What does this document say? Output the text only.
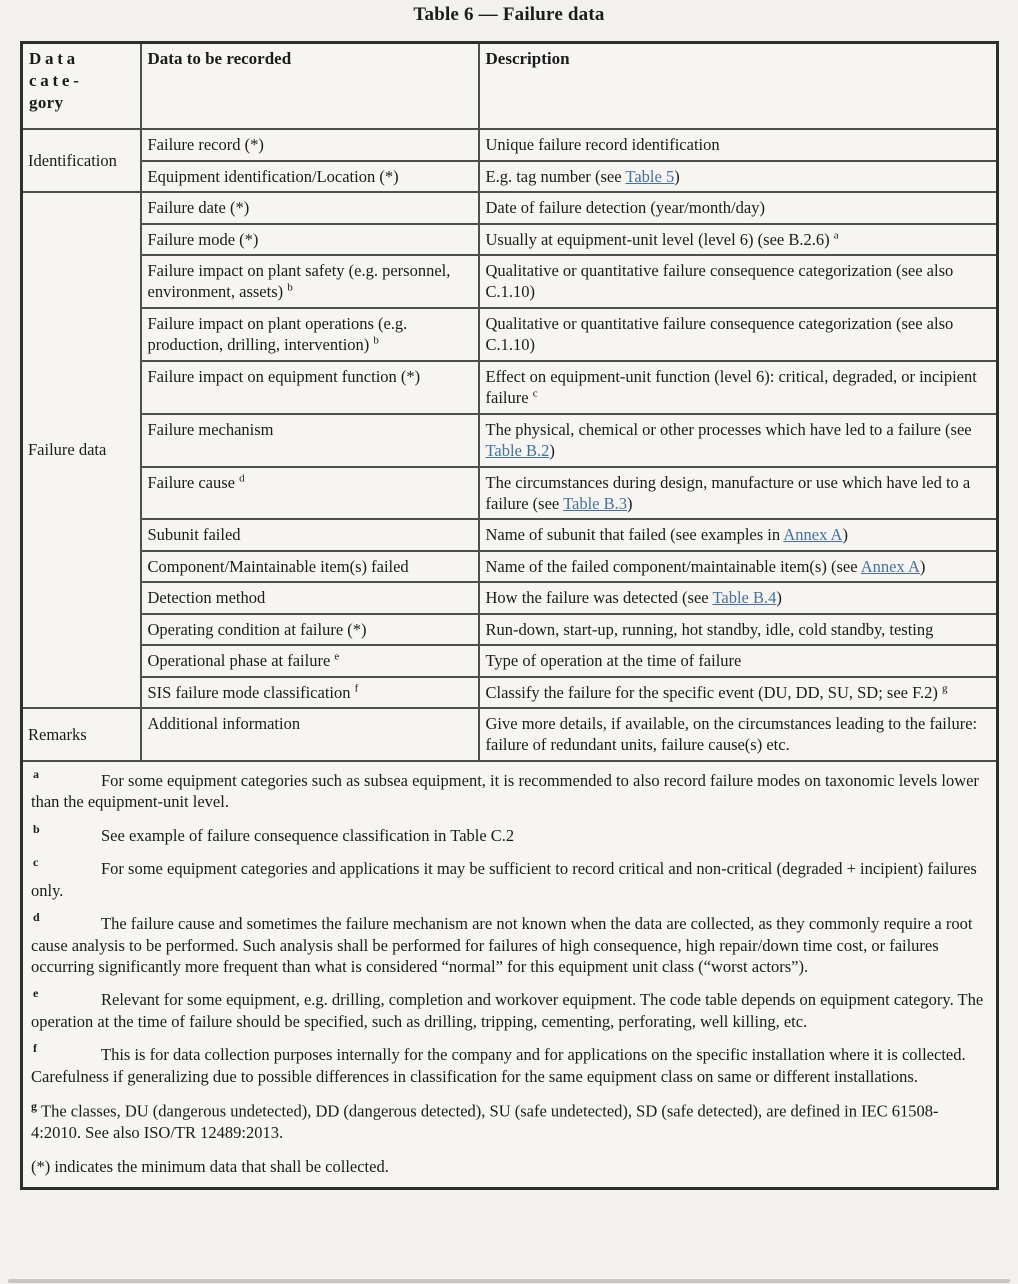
Table 6 — Failure data
Data cate-
gory	Data to be recorded	Description
Identification	Failure record (*)	Unique failure record identification
	Equipment identification/Location (*)	E.g. tag number (see Table 5)
Failure data	Failure date (*)	Date of failure detection (year/month/day)
	Failure mode (*)	Usually at equipment-unit level (level 6) (see B.2.6) $^a$
	Failure impact on plant safety (e.g. personnel, environment, assets) $^b$	Qualitative or quantitative failure consequence categorization (see also C.1.10)
	Failure impact on plant operations (e.g. production, drilling, intervention) $^b$	Qualitative or quantitative failure consequence categorization (see also C.1.10)
	Failure impact on equipment function (*)	Effect on equipment-unit function (level 6): critical, degraded, or incipient failure $^c$
	Failure mechanism	The physical, chemical or other processes which have led to a failure (see Table B.2)
	Failure cause $^d$	The circumstances during design, manufacture or use which have led to a failure (see Table B.3)
	Subunit failed	Name of subunit that failed (see examples in Annex A)
	Component/Maintainable item(s) failed	Name of the failed component/maintainable item(s) (see Annex A)
	Detection method	How the failure was detected (see Table B.4)
	Operating condition at failure (*)	Run-down, start-up, running, hot standby, idle, cold standby, testing
	Operational phase at failure $^e$	Type of operation at the time of failure
	SIS failure mode classification $^f$	Classify the failure for the specific event (DU, DD, SU, SD; see F.2) $^g$
Remarks	Additional information	Give more details, if available, on the circumstances leading to the failure: failure of redundant units, failure cause(s) etc.

a	For some equipment categories such as subsea equipment, it is recommended to also record failure modes on taxonomic levels lower than the equipment-unit level.

b	See example of failure consequence classification in Table C.2

c	For some equipment categories and applications it may be sufficient to record critical and non-critical (degraded + incipient) failures only.

d	The failure cause and sometimes the failure mechanism are not known when the data are collected, as they commonly require a root cause analysis to be performed. Such analysis shall be performed for failures of high consequence, high repair/down time cost, or failures occurring significantly more frequent than what is considered “normal” for this equipment unit class (“worst actors”).

e	Relevant for some equipment, e.g. drilling, completion and workover equipment. The code table depends on equipment category. The operation at the time of failure should be specified, such as drilling, tripping, cementing, perforating, well killing, etc.

f	This is for data collection purposes internally for the company and for applications on the specific installation where it is collected. Carefulness if generalizing due to possible differences in classification for the same equipment class on same or different installations.

$^g$ The classes, DU (dangerous undetected), DD (dangerous detected), SU (safe undetected), SD (safe detected), are defined in IEC 61508-4:2010. See also ISO/TR 12489:2013.

(*) indicates the minimum data that shall be collected.
